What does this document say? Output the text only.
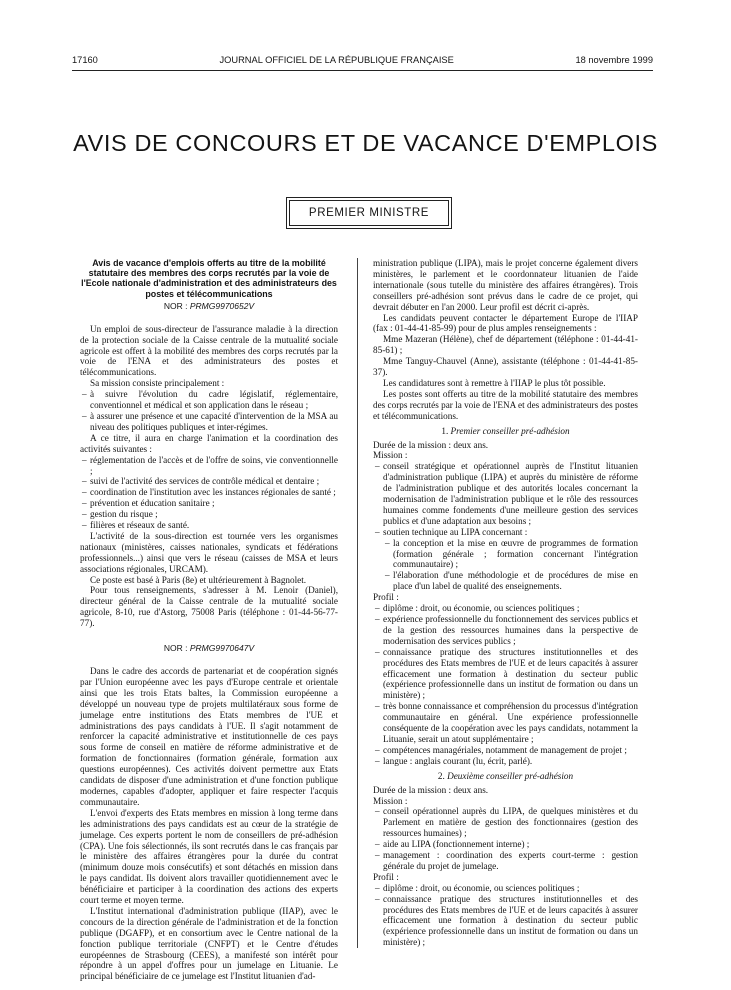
17160	JOURNAL OFFICIEL DE LA RÉPUBLIQUE FRANÇAISE	18 novembre 1999
AVIS DE CONCOURS ET DE VACANCE D'EMPLOIS
PREMIER MINISTRE
Avis de vacance d'emplois offerts au titre de la mobilité statutaire des membres des corps recrutés par la voie de l'Ecole nationale d'administration et des administrateurs des postes et télécommunications
NOR : PRMG9970652V

Un emploi de sous-directeur de l'assurance maladie à la direction de la protection sociale de la Caisse centrale de la mutualité sociale agricole est offert à la mobilité des membres des corps recrutés par la voie de l'ENA et des administrateurs des postes et télécommunications.

Sa mission consiste principalement :

– à suivre l'évolution du cadre législatif, réglementaire, conventionnel et médical et son application dans le réseau ;
– à assurer une présence et une capacité d'intervention de la MSA au niveau des politiques publiques et inter-régimes.

A ce titre, il aura en charge l'animation et la coordination des activités suivantes :

– réglementation de l'accès et de l'offre de soins, vie conventionnelle ;
– suivi de l'activité des services de contrôle médical et dentaire ;
– coordination de l'institution avec les instances régionales de santé ;
– prévention et éducation sanitaire ;
– gestion du risque ;
– filières et réseaux de santé.

L'activité de la sous-direction est tournée vers les organismes nationaux (ministères, caisses nationales, syndicats et fédérations professionnels...) ainsi que vers le réseau (caisses de MSA et leurs associations régionales, URCAM).

Ce poste est basé à Paris (8e) et ultérieurement à Bagnolet.

Pour tous renseignements, s'adresser à M. Lenoir (Daniel), directeur général de la Caisse centrale de la mutualité sociale agricole, 8-10, rue d'Astorg, 75008 Paris (téléphone : 01-44-56-77-77).

NOR : PRMG9970647V

Dans le cadre des accords de partenariat et de coopération signés par l'Union européenne avec les pays d'Europe centrale et orientale ainsi que les trois Etats baltes, la Commission européenne a développé un nouveau type de projets multilatéraux sous forme de jumelage entre institutions des Etats membres de l'UE et administrations des pays candidats à l'UE. Il s'agit notamment de renforcer la capacité administrative et institutionnelle de ces pays sous forme de conseil en matière de réforme administrative et de formation de fonctionnaires (formation générale, formation aux questions européennes). Ces activités doivent permettre aux Etats candidats de disposer d'une administration et d'une fonction publique modernes, capables d'adopter, appliquer et faire respecter l'acquis communautaire.

L'envoi d'experts des Etats membres en mission à long terme dans les administrations des pays candidats est au cœur de la stratégie de jumelage. Ces experts portent le nom de conseillers de pré-adhésion (CPA). Une fois sélectionnés, ils sont recrutés dans le cas français par le ministère des affaires étrangères pour la durée du contrat (minimum douze mois consécutifs) et sont détachés en mission dans le pays candidat. Ils doivent alors travailler quotidiennement avec le bénéficiaire et participer à la coordination des actions des experts court terme et moyen terme.

L'Institut international d'administration publique (IIAP), avec le concours de la direction générale de l'administration et de la fonction publique (DGAFP), et en consortium avec le Centre national de la fonction publique territoriale (CNFPT) et le Centre d'études européennes de Strasbourg (CEES), a manifesté son intérêt pour répondre à un appel d'offres pour un jumelage en Lituanie. Le principal bénéficiaire de ce jumelage est l'Institut lituanien d'ad-

ministration publique (LIPA), mais le projet concerne également divers ministères, le parlement et le coordonnateur lituanien de l'aide internationale (sous tutelle du ministère des affaires étrangères). Trois conseillers pré-adhésion sont prévus dans le cadre de ce projet, qui devrait débuter en l'an 2000. Leur profil est décrit ci-après.

Les candidats peuvent contacter le département Europe de l'IIAP (fax : 01-44-41-85-99) pour de plus amples renseignements :

Mme Mazeran (Hélène), chef de département (téléphone : 01-44-41-85-61) ;

Mme Tanguy-Chauvel (Anne), assistante (téléphone : 01-44-41-85-37).

Les candidatures sont à remettre à l'IIAP le plus tôt possible.

Les postes sont offerts au titre de la mobilité statutaire des membres des corps recrutés par la voie de l'ENA et des administrateurs des postes et télécommunications.

1. Premier conseiller pré-adhésion

Durée de la mission : deux ans.

Mission :

– conseil stratégique et opérationnel auprès de l'Institut lituanien d'administration publique (LIPA) et auprès du ministère de réforme de l'administration publique et des autorités locales concernant la modernisation de l'administration publique et le rôle des ressources humaines comme fondements d'une meilleure gestion des services publics et d'une adaptation aux besoins ;
– soutien technique au LIPA concernant :
– la conception et la mise en œuvre de programmes de formation (formation générale ; formation concernant l'intégration communautaire) ;
– l'élaboration d'une méthodologie et de procédures de mise en place d'un label de qualité des enseignements.

Profil :

– diplôme : droit, ou économie, ou sciences politiques ;
– expérience professionnelle du fonctionnement des services publics et de la gestion des ressources humaines dans la perspective de modernisation des services publics ;
– connaissance pratique des structures institutionnelles et des procédures des Etats membres de l'UE et de leurs capacités à assurer efficacement une formation à destination du secteur public (expérience professionnelle dans un institut de formation ou dans un ministère) ;
– très bonne connaissance et compréhension du processus d'intégration communautaire en général. Une expérience professionnelle conséquente de la coopération avec les pays candidats, notamment la Lituanie, serait un atout supplémentaire ;
– compétences managériales, notamment de management de projet ;
– langue : anglais courant (lu, écrit, parlé).
2. Deuxième conseiller pré-adhésion

Durée de la mission : deux ans.

Mission :

– conseil opérationnel auprès du LIPA, de quelques ministères et du Parlement en matière de gestion des fonctionnaires (gestion des ressources humaines) ;
– aide au LIPA (fonctionnement interne) ;
– management : coordination des experts court-terme : gestion générale du projet de jumelage.

Profil :

– diplôme : droit, ou économie, ou sciences politiques ;
– connaissance pratique des structures institutionnelles et des procédures des Etats membres de l'UE et de leurs capacités à assurer efficacement une formation à destination du secteur public (expérience professionnelle dans un institut de formation ou dans un ministère) ;
